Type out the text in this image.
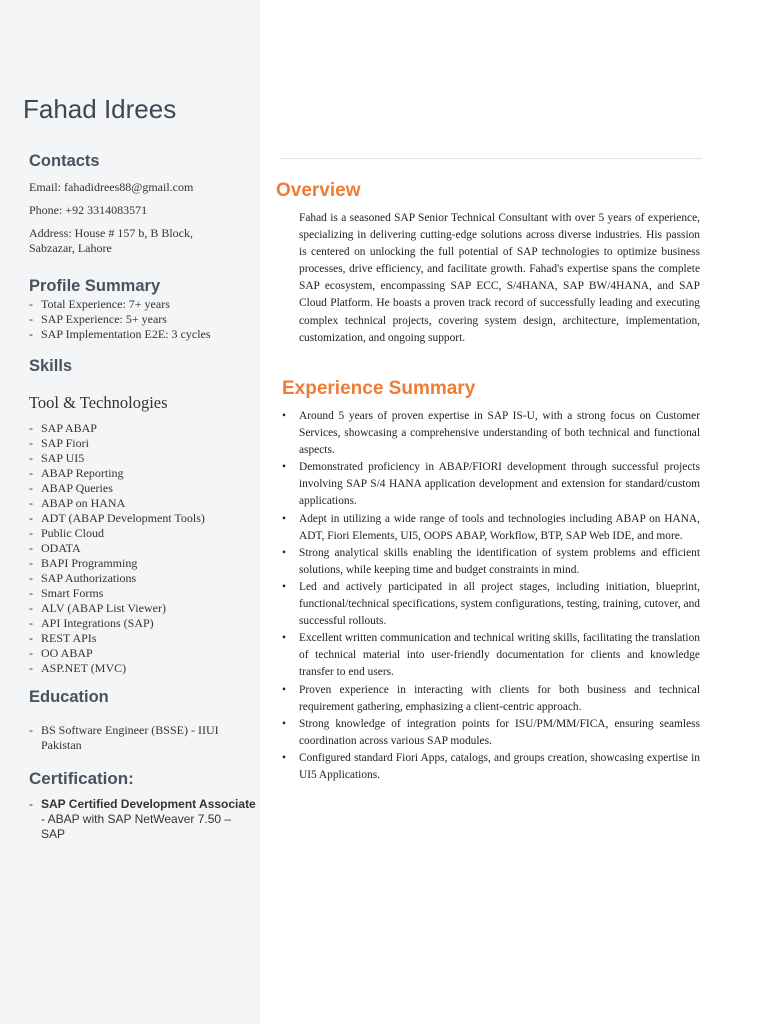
Fahad Idrees
Contacts

Email: fahadidrees88@gmail.com

Phone: +92 3314083571

Address: House # 157 b, B Block, Sabzazar, Lahore

Profile Summary
- Total Experience: 7+ years
- SAP Experience: 5+ years
- SAP Implementation E2E: 3 cycles
Skills
Tool & Technologies
- SAP ABAP
- SAP Fiori
- SAP UI5
- ABAP Reporting
- ABAP Queries
- ABAP on HANA
- ADT (ABAP Development Tools)
- Public Cloud
- ODATA
- BAPI Programming
- SAP Authorizations
- Smart Forms
- ALV (ABAP List Viewer)
- API Integrations (SAP)
- REST APIs
- OO ABAP
- ASP.NET (MVC)
Education
- BS Software Engineer (BSSE) - IIUI Pakistan
Certification:
- SAP Certified Development Associate - ABAP with SAP NetWeaver 7.50 – SAP
Overview

Fahad is a seasoned SAP Senior Technical Consultant with over 5 years of experience, specializing in delivering cutting-edge solutions across diverse industries. His passion is centered on unlocking the full potential of SAP technologies to optimize business processes, drive efficiency, and facilitate growth. Fahad's expertise spans the complete SAP ecosystem, encompassing SAP ECC, S/4HANA, SAP BW/4HANA, and SAP Cloud Platform. He boasts a proven track record of successfully leading and executing complex technical projects, covering system design, architecture, implementation, customization, and ongoing support.

Experience Summary
• Around 5 years of proven expertise in SAP IS-U, with a strong focus on Customer Services, showcasing a comprehensive understanding of both technical and functional aspects.
• Demonstrated proficiency in ABAP/FIORI development through successful projects involving SAP S/4 HANA application development and extension for standard/custom applications.
• Adept in utilizing a wide range of tools and technologies including ABAP on HANA, ADT, Fiori Elements, UI5, OOPS ABAP, Workflow, BTP, SAP Web IDE, and more.
• Strong analytical skills enabling the identification of system problems and efficient solutions, while keeping time and budget constraints in mind.
• Led and actively participated in all project stages, including initiation, blueprint, functional/technical specifications, system configurations, testing, training, cutover, and successful rollouts.
• Excellent written communication and technical writing skills, facilitating the translation of technical material into user-friendly documentation for clients and knowledge transfer to end users.
• Proven experience in interacting with clients for both business and technical requirement gathering, emphasizing a client-centric approach.
• Strong knowledge of integration points for ISU/PM/MM/FICA, ensuring seamless coordination across various SAP modules.
• Configured standard Fiori Apps, catalogs, and groups creation, showcasing expertise in UI5 Applications.
